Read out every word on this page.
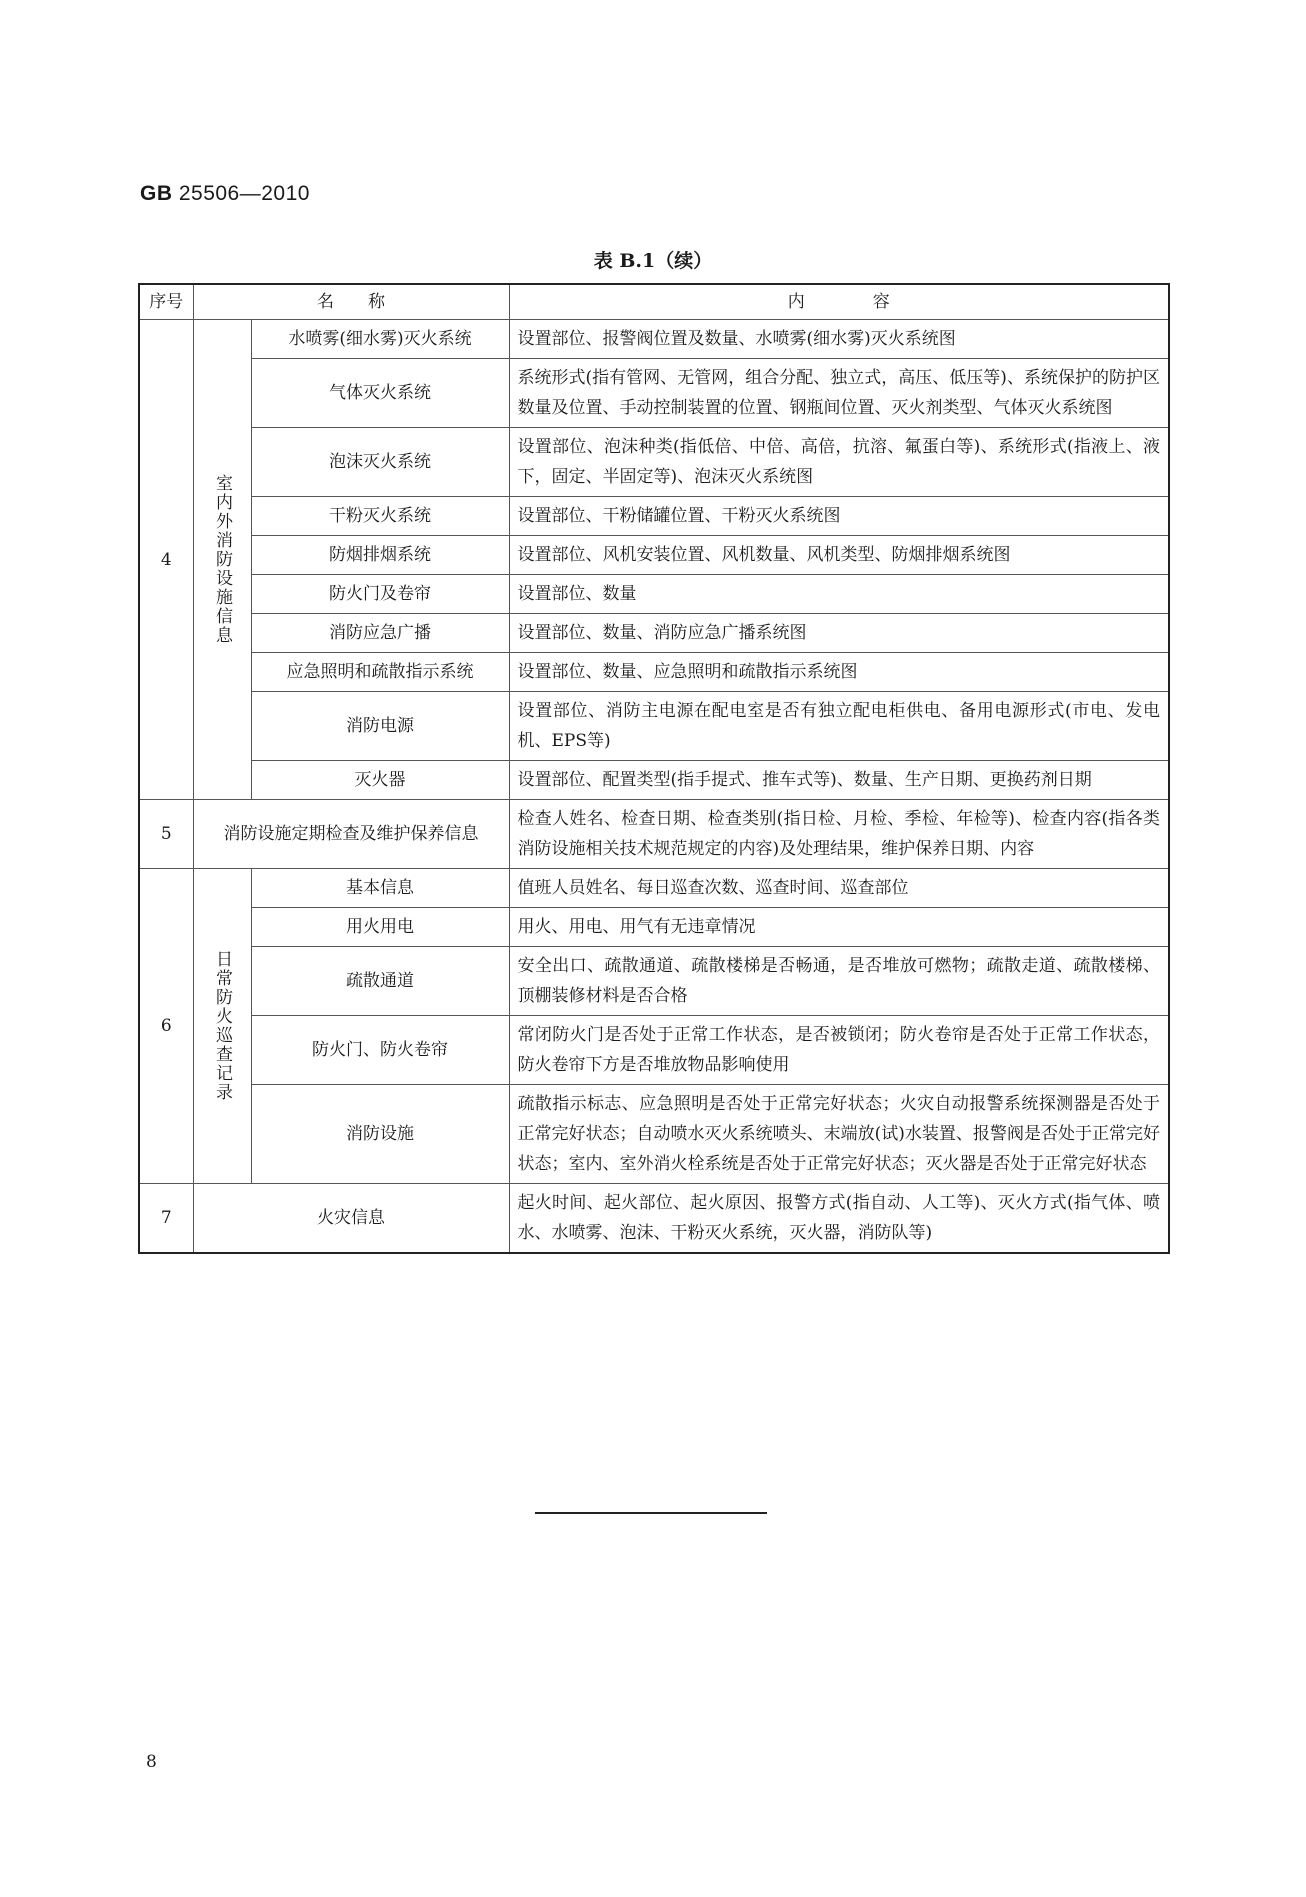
GB 25506—2010
表 B.1（续）
序号	名　　称		内　　　　容
4	室内外消防设施信息	水喷雾(细水雾)灭火系统	设置部位、报警阀位置及数量、水喷雾(细水雾)灭火系统图
		气体灭火系统	系统形式(指有管网、无管网，组合分配、独立式，高压、低压等)、系统保护的防护区数量及位置、手动控制装置的位置、钢瓶间位置、灭火剂类型、气体灭火系统图
		泡沫灭火系统	设置部位、泡沫种类(指低倍、中倍、高倍，抗溶、氟蛋白等)、系统形式(指液上、液下，固定、半固定等)、泡沫灭火系统图
		干粉灭火系统	设置部位、干粉储罐位置、干粉灭火系统图
		防烟排烟系统	设置部位、风机安装位置、风机数量、风机类型、防烟排烟系统图
		防火门及卷帘	设置部位、数量
		消防应急广播	设置部位、数量、消防应急广播系统图
		应急照明和疏散指示系统	设置部位、数量、应急照明和疏散指示系统图
		消防电源	设置部位、消防主电源在配电室是否有独立配电柜供电、备用电源形式(市电、发电机、EPS等)
		灭火器	设置部位、配置类型(指手提式、推车式等)、数量、生产日期、更换药剂日期
5	消防设施定期检查及维护保养信息		检查人姓名、检查日期、检查类别(指日检、月检、季检、年检等)、检查内容(指各类消防设施相关技术规范规定的内容)及处理结果，维护保养日期、内容
6	日常防火巡查记录	基本信息	值班人员姓名、每日巡查次数、巡查时间、巡查部位
		用火用电	用火、用电、用气有无违章情况
		疏散通道	安全出口、疏散通道、疏散楼梯是否畅通，是否堆放可燃物；疏散走道、疏散楼梯、顶棚装修材料是否合格
		防火门、防火卷帘	常闭防火门是否处于正常工作状态，是否被锁闭；防火卷帘是否处于正常工作状态，防火卷帘下方是否堆放物品影响使用
		消防设施	疏散指示标志、应急照明是否处于正常完好状态；火灾自动报警系统探测器是否处于正常完好状态；自动喷水灭火系统喷头、末端放(试)水装置、报警阀是否处于正常完好状态；室内、室外消火栓系统是否处于正常完好状态；灭火器是否处于正常完好状态
7	火灾信息		起火时间、起火部位、起火原因、报警方式(指自动、人工等)、灭火方式(指气体、喷水、水喷雾、泡沫、干粉灭火系统，灭火器，消防队等)
8
